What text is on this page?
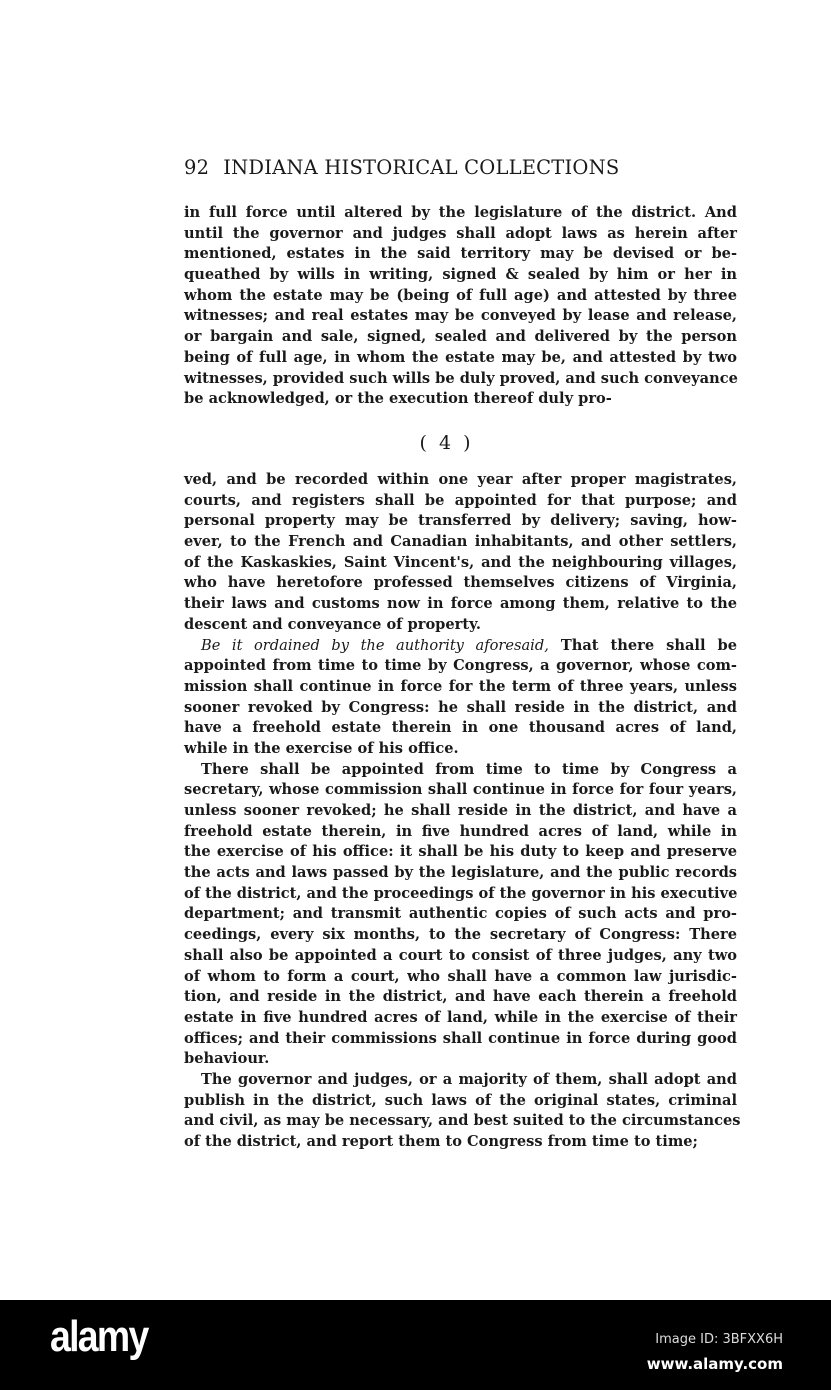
92 INDIANA HISTORICAL COLLECTIONS
in full force until altered by the legislature of the district. And
until the governor and judges shall adopt laws as herein after
mentioned, estates in the said territory may be devised or be-
queathed by wills in writing, signed & sealed by him or her in
whom the estate may be (being of full age) and attested by three
witnesses; and real estates may be conveyed by lease and release,
or bargain and sale, signed, sealed and delivered by the person
being of full age, in whom the estate may be, and attested by two
witnesses, provided such wills be duly proved, and such conveyance
be acknowledged, or the execution thereof duly pro-
( 4 )
ved, and be recorded within one year after proper magistrates,
courts, and registers shall be appointed for that purpose; and
personal property may be transferred by delivery; saving, how-
ever, to the French and Canadian inhabitants, and other settlers,
of the Kaskaskies, Saint Vincent's, and the neighbouring villages,
who have heretofore professed themselves citizens of Virginia,
their laws and customs now in force among them, relative to the
descent and conveyance of property.
Be it ordained by the authority aforesaid, That there shall be
appointed from time to time by Congress, a governor, whose com-
mission shall continue in force for the term of three years, unless
sooner revoked by Congress: he shall reside in the district, and
have a freehold estate therein in one thousand acres of land,
while in the exercise of his office.
There shall be appointed from time to time by Congress a
secretary, whose commission shall continue in force for four years,
unless sooner revoked; he shall reside in the district, and have a
freehold estate therein, in five hundred acres of land, while in
the exercise of his office: it shall be his duty to keep and preserve
the acts and laws passed by the legislature, and the public records
of the district, and the proceedings of the governor in his executive
department; and transmit authentic copies of such acts and pro-
ceedings, every six months, to the secretary of Congress: There
shall also be appointed a court to consist of three judges, any two
of whom to form a court, who shall have a common law jurisdic-
tion, and reside in the district, and have each therein a freehold
estate in five hundred acres of land, while in the exercise of their
offices; and their commissions shall continue in force during good
behaviour.
The governor and judges, or a majority of them, shall adopt and
publish in the district, such laws of the original states, criminal
and civil, as may be necessary, and best suited to the circumstances
of the district, and report them to Congress from time to time;
alamy	Image ID: 3BFXX6H
www.alamy.com
